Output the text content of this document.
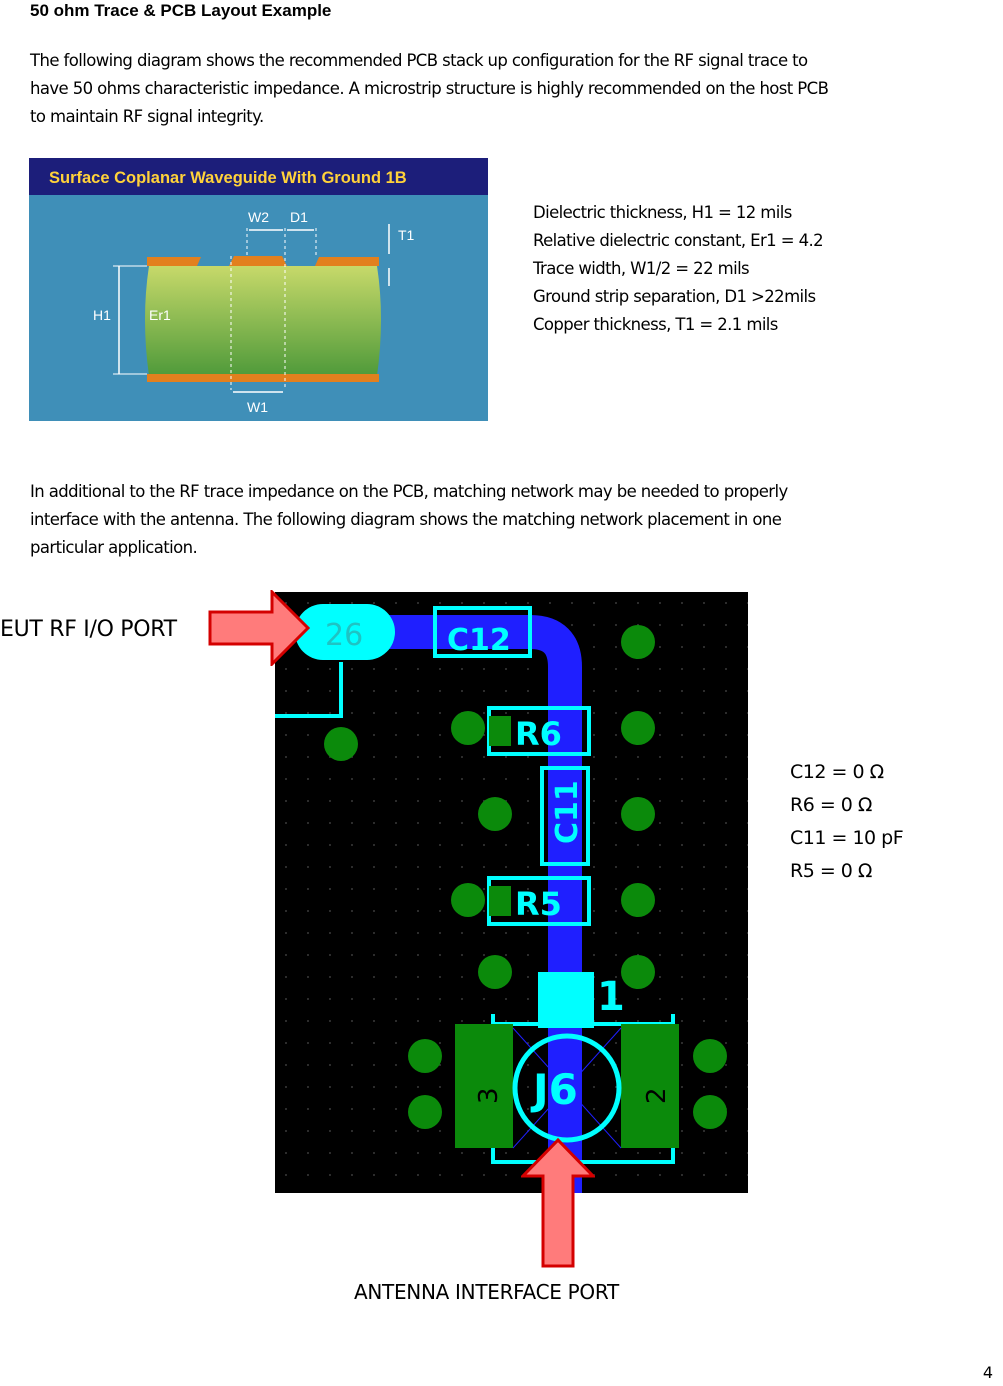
50 ohm Trace & PCB Layout Example
The following diagram shows the recommended PCB stack up configuration for the RF signal trace to
have 50 ohms characteristic impedance. A microstrip structure is highly recommended on the host PCB
to maintain RF signal integrity.
Surface Coplanar Waveguide With Ground 1B
W2 D1
T1
H1	Er1
W1
Dielectric thickness, H1 = 12 mils
Relative dielectric constant, Er1 = 4.2
Trace width, W1/2 = 22 mils
Ground strip separation, D1 >22mils
Copper thickness, T1 = 2.1 mils
In additional to the RF trace impedance on the PCB, matching network may be needed to properly
interface with the antenna. The following diagram shows the matching network placement in one
particular application.
26	C12
R6
C11
R5
1
J6
3	2
EUT RF I/O PORT
ANTENNA INTERFACE PORT
C12 = 0 Ω
R6 = 0 Ω
C11 = 10 pF
R5 = 0 Ω
4
